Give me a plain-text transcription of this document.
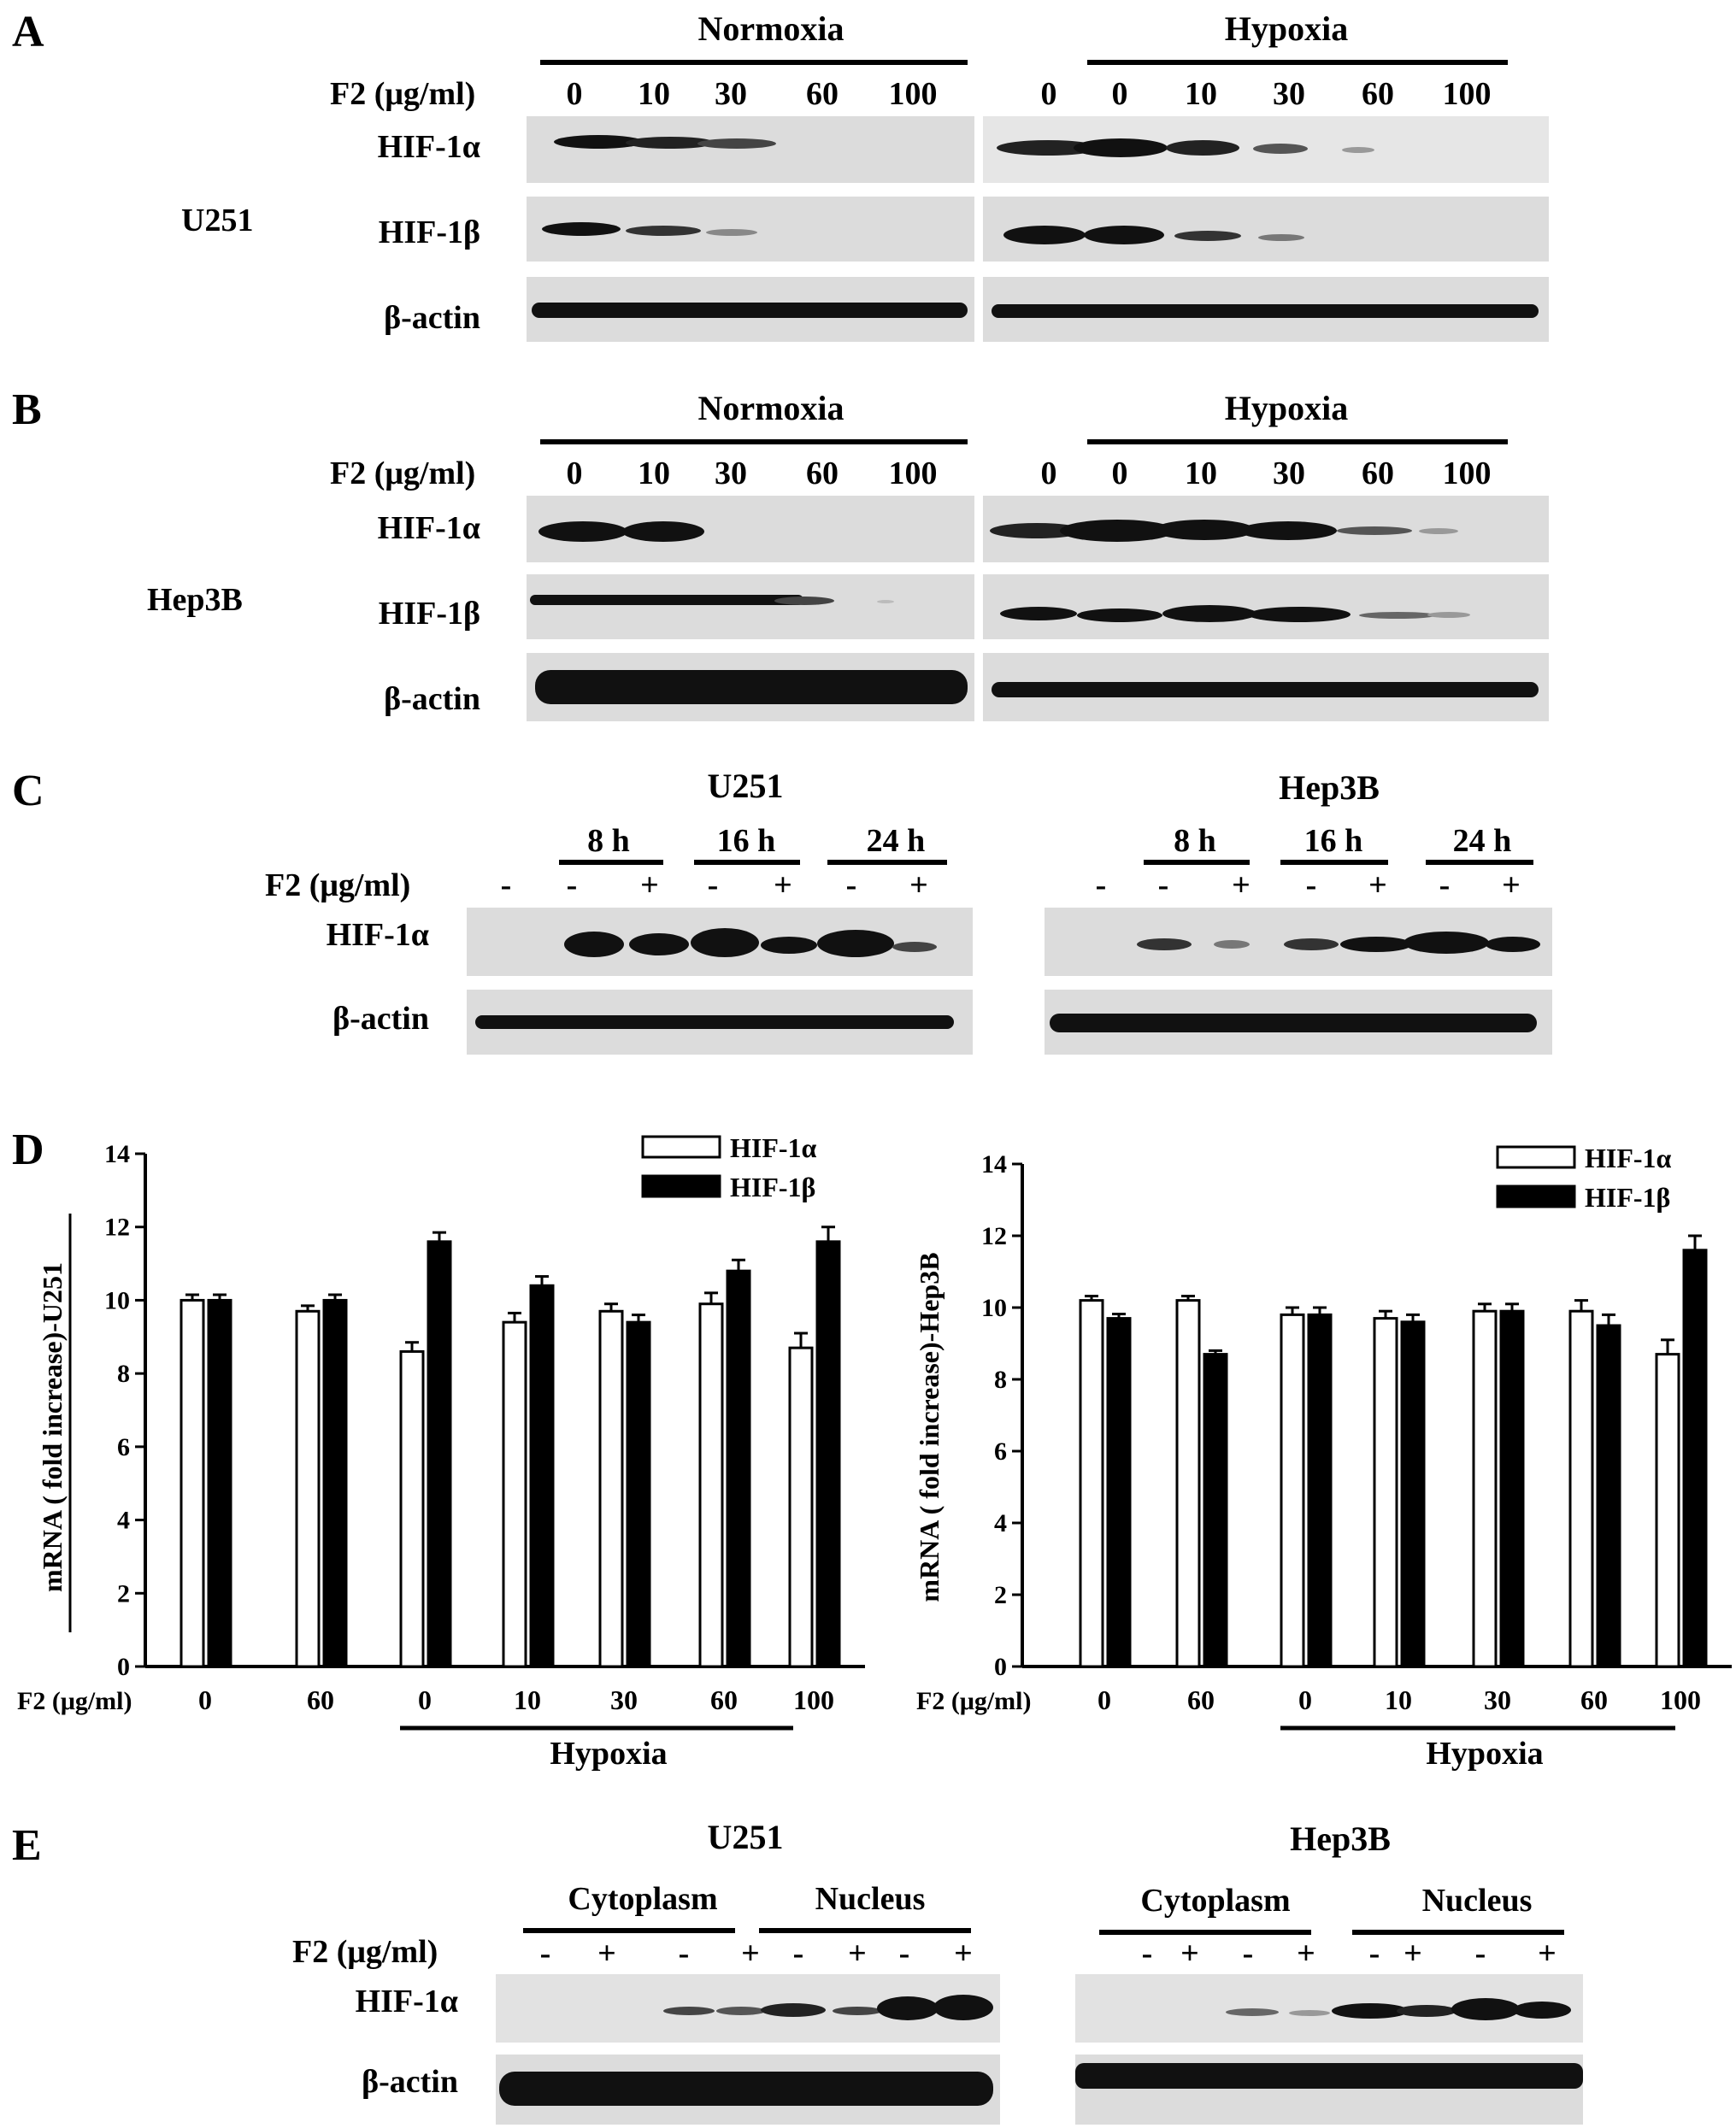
A	Normoxia	Hypoxia
F2 (μg/ml)	0 10 30 60 100	0 0 10 30 60 100
U251
HIF-1α
HIF-1β
β-actin
B	Normoxia	Hypoxia
F2 (μg/ml)	0 10 30 60 100	0 0 10 30 60 100
Hep3B
HIF-1α
HIF-1β
β-actin
C	U251	Hep3B
8 h	16 h	24 h	8 h	16 h	24 h
F2 (μg/ml)	- - + - + - +	- - + - + - +
HIF-1α
β-actin
D
0
2
4
6
8
10
12
14
mRNA ( fold increase)-U251
0	60	0	10	30	60 100
F2 (μg/ml)
Hypoxia
HIF-1α
HIF-1β
0
2
4
6
8
10
12
14
mRNA ( fold increase)-Hep3B
0	60	0	10	30	60 100
F2 (μg/ml)
Hypoxia
HIF-1α
HIF-1β
E	U251	Hep3B
Cytoplasm	Nucleus	Cytoplasm	Nucleus
F2 (μg/ml)	- + - + - + - +	- + - + - + - +
HIF-1α
β-actin
